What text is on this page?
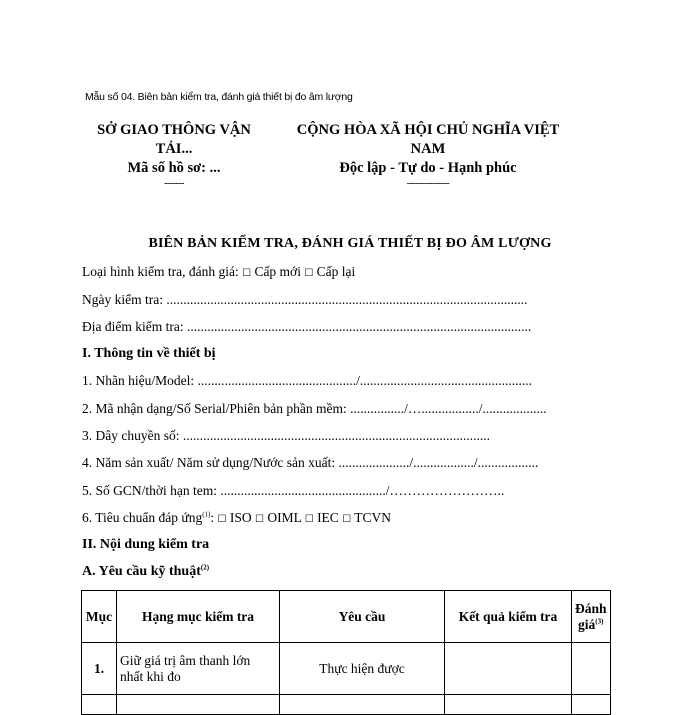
Mẫu số 04. Biên bản kiểm tra, đánh giá thiết bị đo âm lượng
SỞ GIAO THÔNG VẬN
TẢI...
Mã số hồ sơ: ...
-------
CỘNG HÒA XÃ HỘI CHỦ NGHĨA VIỆT
NAM
Độc lập - Tự do - Hạnh phúc
---------------
BIÊN BẢN KIỂM TRA, ĐÁNH GIÁ THIẾT BỊ ĐO ÂM LƯỢNG
Loại hình kiểm tra, đánh giá: ☐ Cấp mới ☐ Cấp lại
Ngày kiểm tra: ...........................................................................................................
Địa điểm kiểm tra: ......................................................................................................
I. Thông tin về thiết bị
1. Nhãn hiệu/Model: .............................................../...................................................
2. Mã nhận dạng/Số Serial/Phiên bản phần mềm: ................/…................./...................
3. Dây chuyền số: ...........................................................................................
4. Năm sản xuất/ Năm sử dụng/Nước sản xuất: ...................../................../..................
5. Số GCN/thời hạn tem: ................................................./……………………..
6. Tiêu chuẩn đáp ứng$^{(1)}$: ☐ ISO ☐ OIML ☐ IEC ☐ TCVN
II. Nội dung kiểm tra
A. Yêu cầu kỹ thuật$^{(2)}$
Mục	Hạng mục kiểm tra	Yêu cầu	Kết quả kiểm tra	Đánh giá$^{(3)}$
1.	Giữ giá trị âm thanh lớn nhất khi đo	Thực hiện được		
